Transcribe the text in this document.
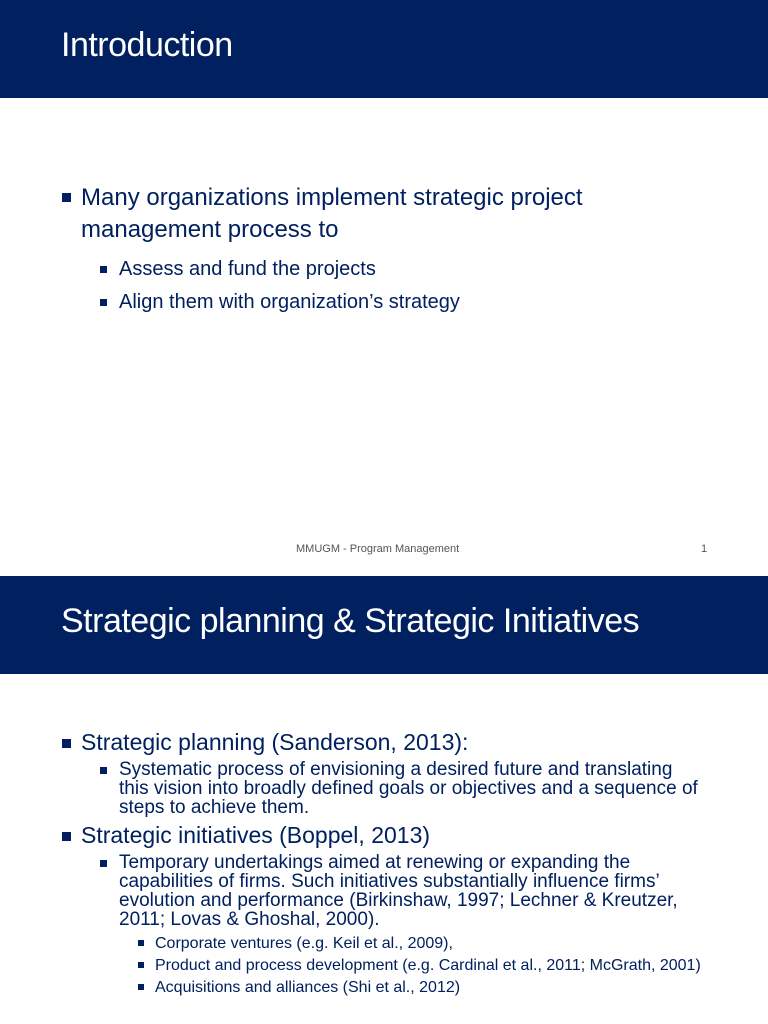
Introduction
Many organizations implement strategic project management process to
Assess and fund the projects
Align them with organization’s strategy
MMUGM - Program Management	1
Strategic planning & Strategic Initiatives
Strategic planning (Sanderson, 2013):
Systematic process of envisioning a desired future and translating this vision into broadly defined goals or objectives and a sequence of steps to achieve them.
Strategic initiatives (Boppel, 2013)
Temporary undertakings aimed at renewing or expanding the capabilities of firms. Such initiatives substantially influence firms’ evolution and performance (Birkinshaw, 1997; Lechner & Kreutzer, 2011; Lovas & Ghoshal, 2000).
Corporate ventures (e.g. Keil et al., 2009),
Product and process development (e.g. Cardinal et al., 2011; McGrath, 2001)
Acquisitions and alliances (Shi et al., 2012)
